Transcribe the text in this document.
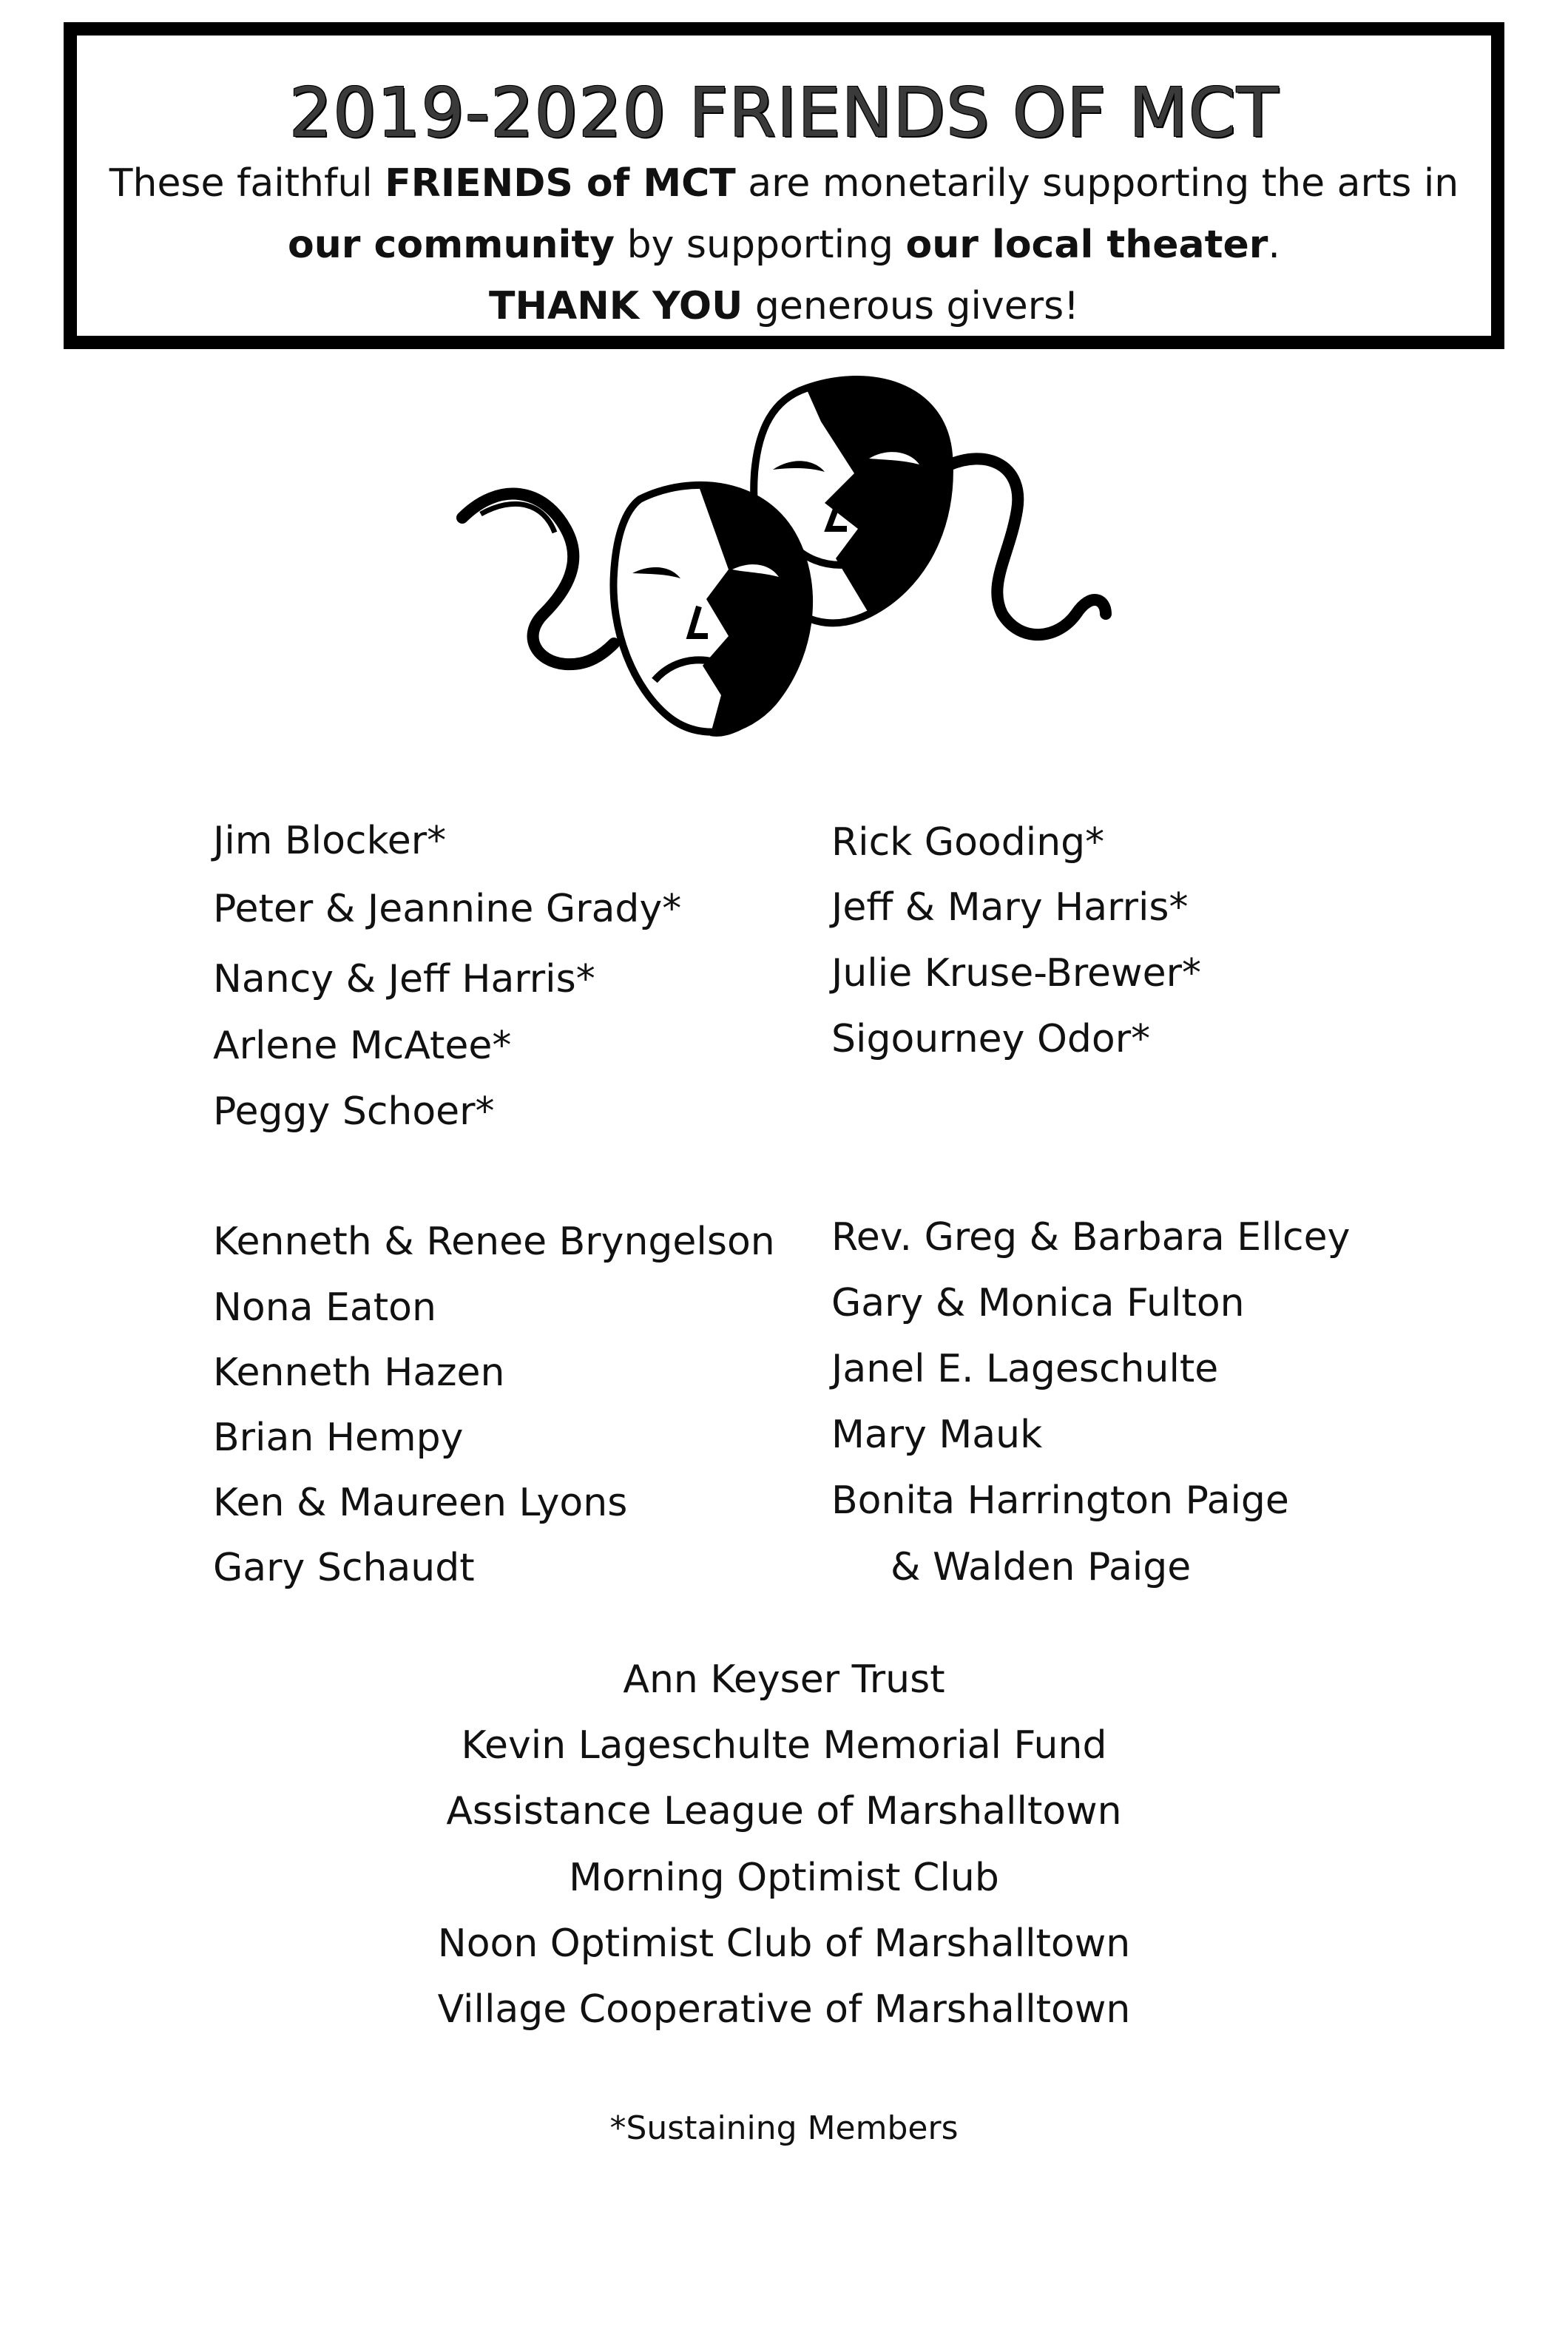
2019-2020 FRIENDS OF MCT
These faithful FRIENDS of MCT are monetarily supporting the arts in
our community by supporting our local theater.
THANK YOU generous givers!
Jim Blocker*
Peter & Jeannine Grady*
Nancy & Jeff Harris*
Arlene McAtee*
Peggy Schoer*
Rick Gooding*
Jeff & Mary Harris*
Julie Kruse-Brewer*
Sigourney Odor*
Kenneth & Renee Bryngelson
Nona Eaton
Kenneth Hazen
Brian Hempy
Ken & Maureen Lyons
Gary Schaudt
Rev. Greg & Barbara Ellcey
Gary & Monica Fulton
Janel E. Lageschulte
Mary Mauk
Bonita Harrington Paige
& Walden Paige
Ann Keyser Trust
Kevin Lageschulte Memorial Fund
Assistance League of Marshalltown
Morning Optimist Club
Noon Optimist Club of Marshalltown
Village Cooperative of Marshalltown
*Sustaining Members
